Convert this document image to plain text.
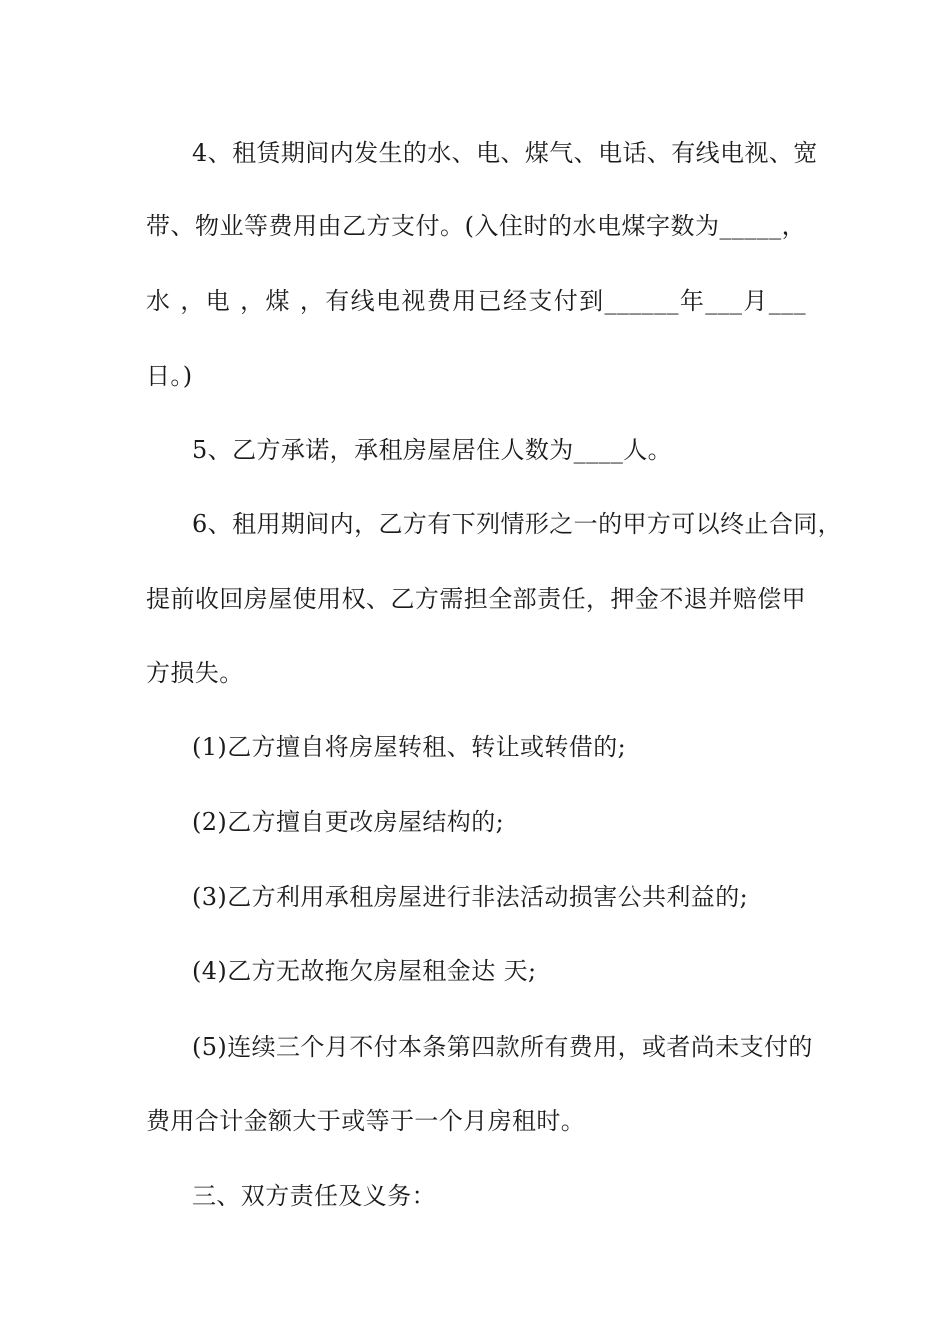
4、租赁期间内发生的水、电、煤气、电话、有线电视、宽
带、物业等费用由乙方支付。(入住时的水电煤字数为_____，
水 ，电 ，煤 ，有线电视费用已经支付到______年___月___
日。)
5、乙方承诺，承租房屋居住人数为____人。
6、租用期间内，乙方有下列情形之一的甲方可以终止合同，
提前收回房屋使用权、乙方需担全部责任，押金不退并赔偿甲
方损失。
(1)乙方擅自将房屋转租、转让或转借的;
(2)乙方擅自更改房屋结构的;
(3)乙方利用承租房屋进行非法活动损害公共利益的;
(4)乙方无故拖欠房屋租金达 天;
(5)连续三个月不付本条第四款所有费用，或者尚未支付的
费用合计金额大于或等于一个月房租时。
三、双方责任及义务：
